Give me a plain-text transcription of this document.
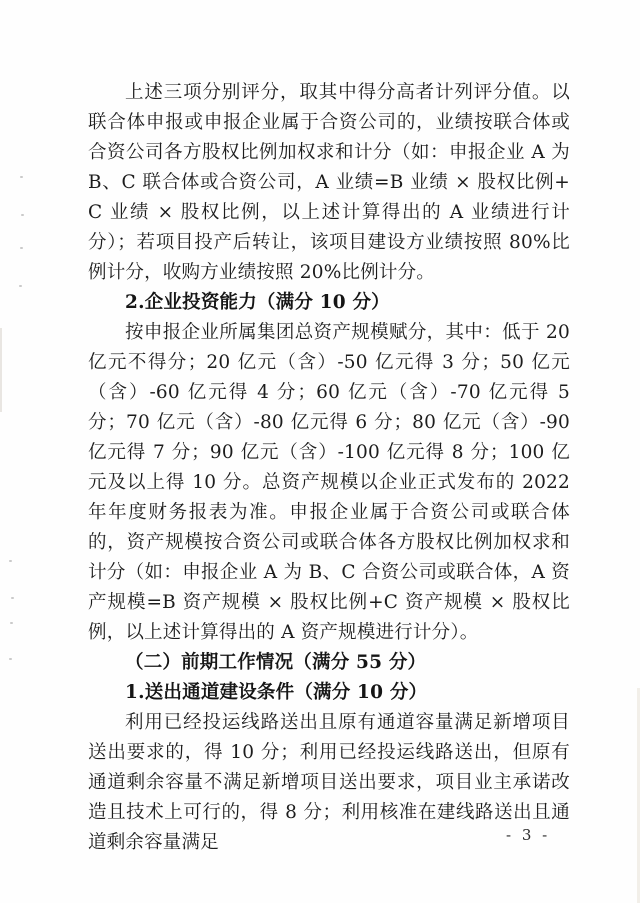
上述三项分别评分，取其中得分高者计列评分值。以联合体申报或申报企业属于合资公司的，业绩按联合体或合资公司各方股权比例加权求和计分（如：申报企业 A 为 B、C 联合体或合资公司，A 业绩=B 业绩 × 股权比例+C 业绩 × 股权比例，以上述计算得出的 A 业绩进行计分）；若项目投产后转让，该项目建设方业绩按照 80%比例计分，收购方业绩按照 20%比例计分。

2.企业投资能力（满分 10 分）

按申报企业所属集团总资产规模赋分，其中：低于 20 亿元不得分；20 亿元（含）-50 亿元得 3 分；50 亿元（含）-60 亿元得 4 分；60 亿元（含）-70 亿元得 5 分；70 亿元（含）-80 亿元得 6 分；80 亿元（含）-90 亿元得 7 分；90 亿元（含）-100 亿元得 8 分；100 亿元及以上得 10 分。总资产规模以企业正式发布的 2022 年年度财务报表为准。申报企业属于合资公司或联合体的，资产规模按合资公司或联合体各方股权比例加权求和计分（如：申报企业 A 为 B、C 合资公司或联合体，A 资产规模=B 资产规模 × 股权比例+C 资产规模 × 股权比例，以上述计算得出的 A 资产规模进行计分）。

（二）前期工作情况（满分 55 分）

1.送出通道建设条件（满分 10 分）

利用已经投运线路送出且原有通道容量满足新增项目送出要求的，得 10 分；利用已经投运线路送出，但原有通道剩余容量不满足新增项目送出要求，项目业主承诺改造且技术上可行的，得 8 分；利用核准在建线路送出且通道剩余容量满足	- 3 -
